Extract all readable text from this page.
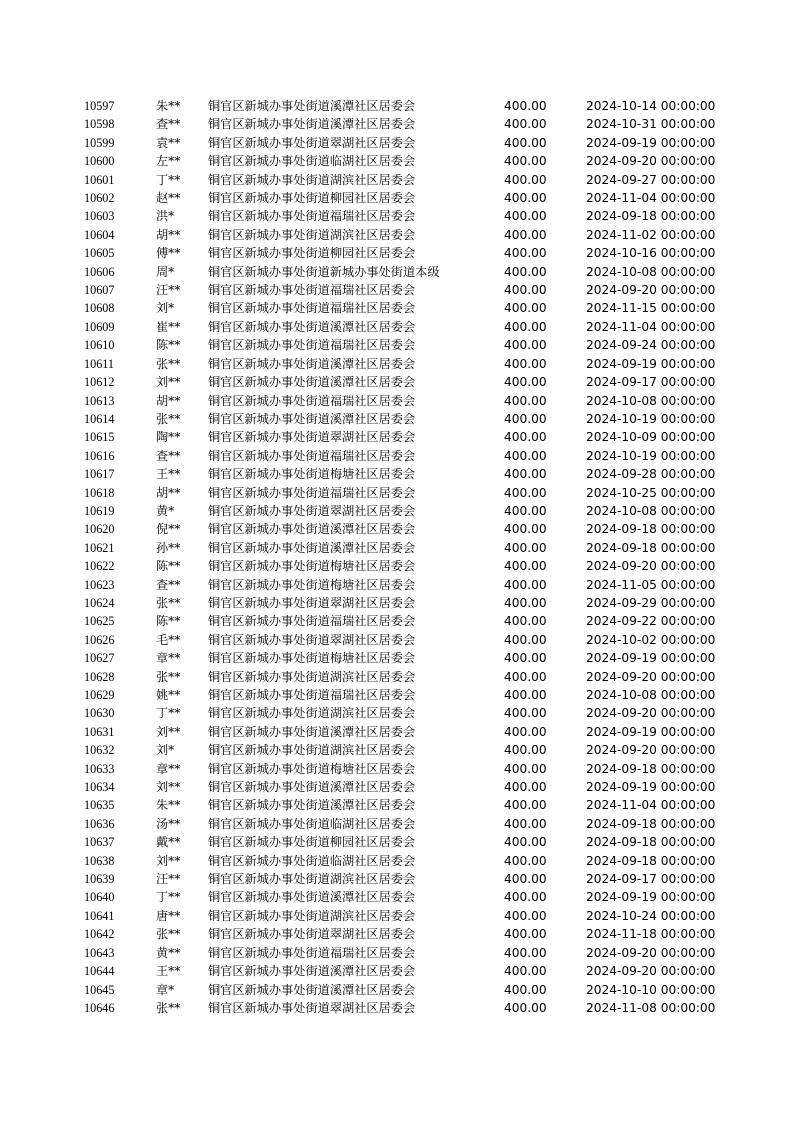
10597	朱**	铜官区新城办事处街道溪潭社区居委会	400.00	2024-10-14 00:00:00
10598	查**	铜官区新城办事处街道溪潭社区居委会	400.00	2024-10-31 00:00:00
10599	袁**	铜官区新城办事处街道翠湖社区居委会	400.00	2024-09-19 00:00:00
10600	左**	铜官区新城办事处街道临湖社区居委会	400.00	2024-09-20 00:00:00
10601	丁**	铜官区新城办事处街道湖滨社区居委会	400.00	2024-09-27 00:00:00
10602	赵**	铜官区新城办事处街道柳园社区居委会	400.00	2024-11-04 00:00:00
10603	洪*	铜官区新城办事处街道福瑞社区居委会	400.00	2024-09-18 00:00:00
10604	胡**	铜官区新城办事处街道湖滨社区居委会	400.00	2024-11-02 00:00:00
10605	傅**	铜官区新城办事处街道柳园社区居委会	400.00	2024-10-16 00:00:00
10606	周*	铜官区新城办事处街道新城办事处街道本级	400.00	2024-10-08 00:00:00
10607	汪**	铜官区新城办事处街道福瑞社区居委会	400.00	2024-09-20 00:00:00
10608	刘*	铜官区新城办事处街道福瑞社区居委会	400.00	2024-11-15 00:00:00
10609	崔**	铜官区新城办事处街道溪潭社区居委会	400.00	2024-11-04 00:00:00
10610	陈**	铜官区新城办事处街道福瑞社区居委会	400.00	2024-09-24 00:00:00
10611	张**	铜官区新城办事处街道溪潭社区居委会	400.00	2024-09-19 00:00:00
10612	刘**	铜官区新城办事处街道溪潭社区居委会	400.00	2024-09-17 00:00:00
10613	胡**	铜官区新城办事处街道福瑞社区居委会	400.00	2024-10-08 00:00:00
10614	张**	铜官区新城办事处街道溪潭社区居委会	400.00	2024-10-19 00:00:00
10615	陶**	铜官区新城办事处街道翠湖社区居委会	400.00	2024-10-09 00:00:00
10616	查**	铜官区新城办事处街道福瑞社区居委会	400.00	2024-10-19 00:00:00
10617	王**	铜官区新城办事处街道梅塘社区居委会	400.00	2024-09-28 00:00:00
10618	胡**	铜官区新城办事处街道福瑞社区居委会	400.00	2024-10-25 00:00:00
10619	黄*	铜官区新城办事处街道翠湖社区居委会	400.00	2024-10-08 00:00:00
10620	倪**	铜官区新城办事处街道溪潭社区居委会	400.00	2024-09-18 00:00:00
10621	孙**	铜官区新城办事处街道溪潭社区居委会	400.00	2024-09-18 00:00:00
10622	陈**	铜官区新城办事处街道梅塘社区居委会	400.00	2024-09-20 00:00:00
10623	查**	铜官区新城办事处街道梅塘社区居委会	400.00	2024-11-05 00:00:00
10624	张**	铜官区新城办事处街道翠湖社区居委会	400.00	2024-09-29 00:00:00
10625	陈**	铜官区新城办事处街道福瑞社区居委会	400.00	2024-09-22 00:00:00
10626	毛**	铜官区新城办事处街道翠湖社区居委会	400.00	2024-10-02 00:00:00
10627	章**	铜官区新城办事处街道梅塘社区居委会	400.00	2024-09-19 00:00:00
10628	张**	铜官区新城办事处街道湖滨社区居委会	400.00	2024-09-20 00:00:00
10629	姚**	铜官区新城办事处街道福瑞社区居委会	400.00	2024-10-08 00:00:00
10630	丁**	铜官区新城办事处街道湖滨社区居委会	400.00	2024-09-20 00:00:00
10631	刘**	铜官区新城办事处街道溪潭社区居委会	400.00	2024-09-19 00:00:00
10632	刘*	铜官区新城办事处街道湖滨社区居委会	400.00	2024-09-20 00:00:00
10633	章**	铜官区新城办事处街道梅塘社区居委会	400.00	2024-09-18 00:00:00
10634	刘**	铜官区新城办事处街道溪潭社区居委会	400.00	2024-09-19 00:00:00
10635	朱**	铜官区新城办事处街道溪潭社区居委会	400.00	2024-11-04 00:00:00
10636	汤**	铜官区新城办事处街道临湖社区居委会	400.00	2024-09-18 00:00:00
10637	戴**	铜官区新城办事处街道柳园社区居委会	400.00	2024-09-18 00:00:00
10638	刘**	铜官区新城办事处街道临湖社区居委会	400.00	2024-09-18 00:00:00
10639	汪**	铜官区新城办事处街道湖滨社区居委会	400.00	2024-09-17 00:00:00
10640	丁**	铜官区新城办事处街道溪潭社区居委会	400.00	2024-09-19 00:00:00
10641	唐**	铜官区新城办事处街道湖滨社区居委会	400.00	2024-10-24 00:00:00
10642	张**	铜官区新城办事处街道翠湖社区居委会	400.00	2024-11-18 00:00:00
10643	黄**	铜官区新城办事处街道福瑞社区居委会	400.00	2024-09-20 00:00:00
10644	王**	铜官区新城办事处街道溪潭社区居委会	400.00	2024-09-20 00:00:00
10645	章*	铜官区新城办事处街道溪潭社区居委会	400.00	2024-10-10 00:00:00
10646	张**	铜官区新城办事处街道翠湖社区居委会	400.00	2024-11-08 00:00:00
